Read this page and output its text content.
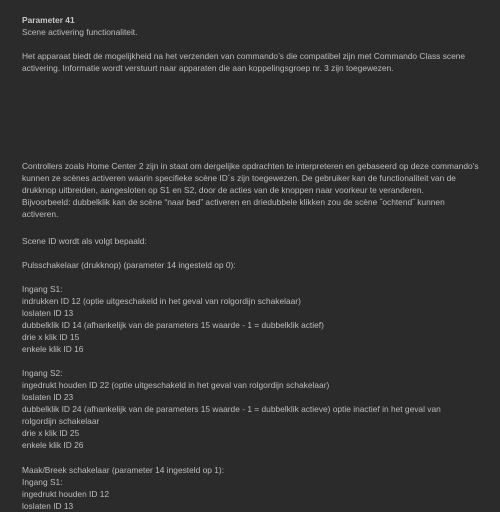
Parameter 41
Scene activering functionaliteit.
Het apparaat biedt de mogelijkheid na het verzenden van commando’s die compatibel zijn met Commando Class scene
activering. Informatie wordt verstuurt naar apparaten die aan koppelingsgroep nr. 3 zijn toegewezen.
Controllers zoals Home Center 2 zijn in staat om dergelijke opdrachten te interpreteren en gebaseerd op deze commando’s
kunnen ze scènes activeren waarin specifieke scène ID´s zijn toegewezen. De gebruiker kan de functionaliteit van de
drukknop uitbreiden, aangesloten op S1 en S2, door de acties van de knoppen naar voorkeur te veranderen.
Bijvoorbeeld: dubbelklik kan de scène “naar bed” activeren en driedubbele klikken zou de scène ˝ochtend˝ kunnen
activeren.
Scene ID wordt als volgt bepaald:
Pulsschakelaar (drukknop) (parameter 14 ingesteld op 0):
Ingang S1:
indrukken ID 12 (optie uitgeschakeld in het geval van rolgordijn schakelaar)
loslaten ID 13
dubbelklik ID 14 (afhankelijk van de parameters 15 waarde - 1 = dubbelklik actief)
drie x klik ID 15
enkele klik ID 16
Ingang S2:
ingedrukt houden ID 22 (optie uitgeschakeld in het geval van rolgordijn schakelaar)
loslaten ID 23
dubbelklik ID 24 (afhankelijk van de parameters 15 waarde - 1 = dubbelklik actieve) optie inactief in het geval van
rolgordijn schakelaar
drie x klik ID 25
enkele klik ID 26
Maak/Breek schakelaar (parameter 14 ingesteld op 1):
Ingang S1:
ingedrukt houden ID 12
loslaten ID 13
